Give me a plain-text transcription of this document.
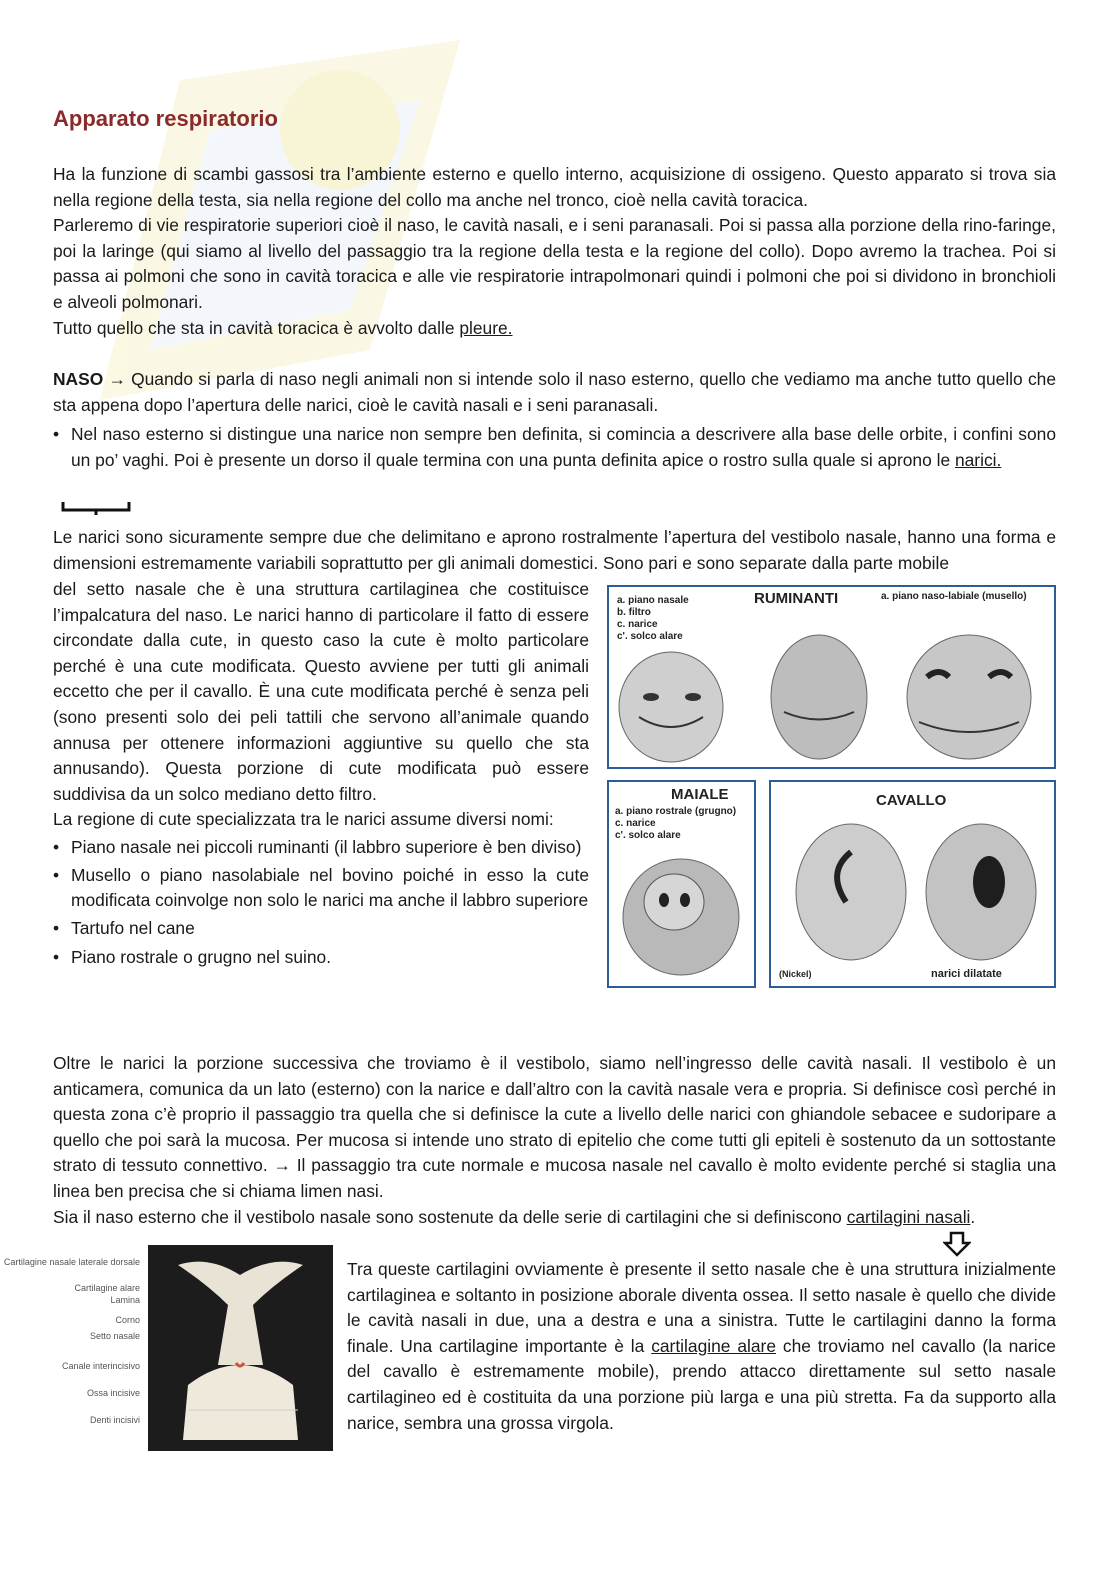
Apparato respiratorio

Ha la funzione di scambi gassosi tra l’ambiente esterno e quello interno, acquisizione di ossigeno. Questo apparato si trova sia nella regione della testa, sia nella regione del collo ma anche nel tronco, cioè nella cavità toracica.

Parleremo di vie respiratorie superiori cioè il naso, le cavità nasali, e i seni paranasali. Poi si passa alla porzione della rino-faringe, poi la laringe (qui siamo al livello del passaggio tra la regione della testa e la regione del collo). Dopo avremo la trachea. Poi si passa ai polmoni che sono in cavità toracica e alle vie respiratorie intrapolmonari quindi i polmoni che poi si dividono in bronchioli e alveoli polmonari.

Tutto quello che sta in cavità toracica è avvolto dalle pleure.

NASO → Quando si parla di naso negli animali non si intende solo il naso esterno, quello che vediamo ma anche tutto quello che sta appena dopo l’apertura delle narici, cioè le cavità nasali e i seni paranasali.

• Nel naso esterno si distingue una narice non sempre ben definita, si comincia a descrivere alla base delle orbite, i confini sono un po’ vaghi. Poi è presente un dorso il quale termina con una punta definita apice o rostro sulla quale si aprono le narici.

Le narici sono sicuramente sempre due che delimitano e aprono rostralmente l’apertura del vestibolo nasale, hanno una forma e dimensioni estremamente variabili soprattutto per gli animali domestici. Sono pari e sono separate dalla parte mobile

del setto nasale che è una struttura cartilaginea che costituisce l’impalcatura del naso. Le narici hanno di particolare il fatto di essere circondate dalla cute, in questo caso la cute è molto particolare perché è una cute modificata. Questo avviene per tutti gli animali eccetto che per il cavallo. È una cute modificata perché è senza peli (sono presenti solo dei peli tattili che servono all’animale quando annusa per ottenere informazioni aggiuntive su quello che sta annusando). Questa porzione di cute modificata può essere suddivisa da un solco mediano detto filtro.

La regione di cute specializzata tra le narici assume diversi nomi:

• Piano nasale nei piccoli ruminanti (il labbro superiore è ben diviso)

• Musello o piano nasolabiale nel bovino poiché in esso la cute modificata coinvolge non solo le narici ma anche il labbro superiore

• Tartufo nel cane

• Piano rostrale o grugno nel suino.

a. piano nasale
b. filtro
c. narice
c'. solco alare
RUMINANTI	a. piano naso-labiale (musello)
MAIALE
a. piano rostrale (grugno)
c. narice
c'. solco alare
CAVALLO
(Nickel)	narici dilatate

Oltre le narici la porzione successiva che troviamo è il vestibolo, siamo nell’ingresso delle cavità nasali. Il vestibolo è un anticamera, comunica da un lato (esterno) con la narice e dall’altro con la cavità nasale vera e propria. Si definisce così perché in questa zona c’è proprio il passaggio tra quella che si definisce la cute a livello delle narici con ghiandole sebacee e sudoripare a quello che poi sarà la mucosa. Per mucosa si intende uno strato di epitelio che come tutti gli epiteli è sostenuto da un sottostante strato di tessuto connettivo. → Il passaggio tra cute normale e mucosa nasale nel cavallo è molto evidente perché si staglia una linea ben precisa che si chiama limen nasi.

Sia il naso esterno che il vestibolo nasale sono sostenute da delle serie di cartilagini che si definiscono cartilagini nasali.

Tra queste cartilagini ovviamente è presente il setto nasale che è una struttura inizialmente cartilaginea e soltanto in posizione aborale diventa ossea. Il setto nasale è quello che divide le cavità nasali in due, una a destra e una a sinistra. Tutte le cartilagini danno la forma finale. Una cartilagine importante è la cartilagine alare che troviamo nel cavallo (la narice del cavallo è estremamente mobile), prendo attacco direttamente sul setto nasale cartilagineo ed è costituita da una porzione più larga e una più stretta. Fa da supporto alla narice, sembra una grossa virgola.

Cartilagine nasale laterale dorsale
Cartilagine alare
Lamina
Corno
Setto nasale
Canale interincisivo
Ossa incisive
Denti incisivi
